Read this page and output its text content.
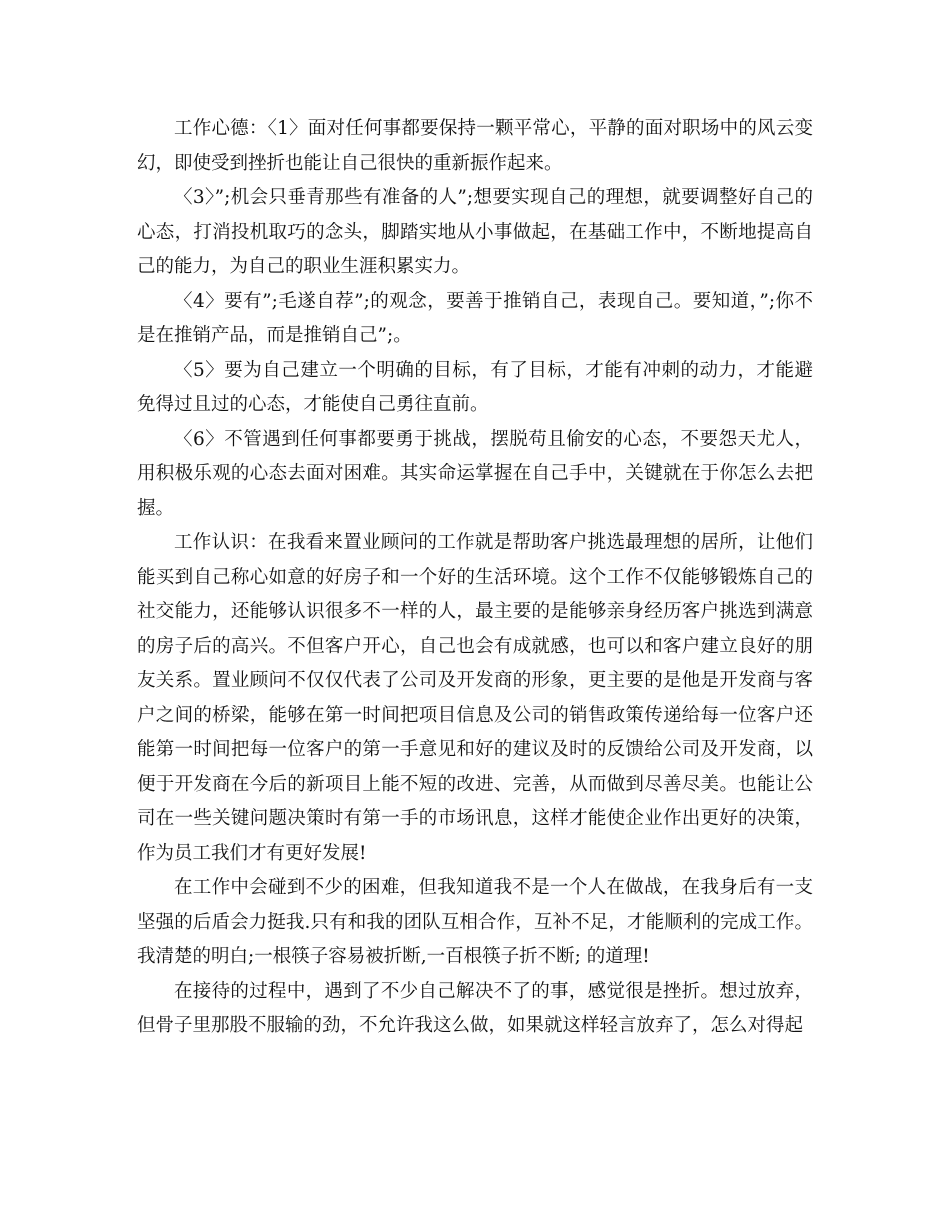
工作心德：〈1〉面对任何事都要保持一颗平常心，平静的面对职场中的风云变幻，即使受到挫折也能让自己很快的重新振作起来。

〈3〉”;机会只垂青那些有准备的人”;想要实现自己的理想，就要调整好自己的心态，打消投机取巧的念头，脚踏实地从小事做起，在基础工作中，不断地提高自己的能力，为自己的职业生涯积累实力。

〈4〉要有”;毛遂自荐”;的观念，要善于推销自己，表现自己。要知道，”;你不是在推销产品，而是推销自己”;。

〈5〉要为自己建立一个明确的目标，有了目标，才能有冲刺的动力，才能避免得过且过的心态，才能使自己勇往直前。

〈6〉不管遇到任何事都要勇于挑战，摆脱苟且偷安的心态，不要怨天尤人，用积极乐观的心态去面对困难。其实命运掌握在自己手中，关键就在于你怎么去把握。

工作认识：在我看来置业顾问的工作就是帮助客户挑选最理想的居所，让他们能买到自己称心如意的好房子和一个好的生活环境。这个工作不仅能够锻炼自己的社交能力，还能够认识很多不一样的人，最主要的是能够亲身经历客户挑选到满意的房子后的高兴。不但客户开心，自己也会有成就感，也可以和客户建立良好的朋友关系。置业顾问不仅仅代表了公司及开发商的形象，更主要的是他是开发商与客户之间的桥梁，能够在第一时间把项目信息及公司的销售政策传递给每一位客户还能第一时间把每一位客户的第一手意见和好的建议及时的反馈给公司及开发商，以便于开发商在今后的新项目上能不短的改进、完善，从而做到尽善尽美。也能让公司在一些关键问题决策时有第一手的市场讯息，这样才能使企业作出更好的决策，作为员工我们才有更好发展!

在工作中会碰到不少的困难，但我知道我不是一个人在做战，在我身后有一支坚强的后盾会力挺我.只有和我的团队互相合作，互补不足，才能顺利的完成工作。我清楚的明白;一根筷子容易被折断,一百根筷子折不断; 的道理!

在接待的过程中，遇到了不少自己解决不了的事，感觉很是挫折。想过放弃，但骨子里那股不服输的劲，不允许我这么做，如果就这样轻言放弃了，怎么对得起
